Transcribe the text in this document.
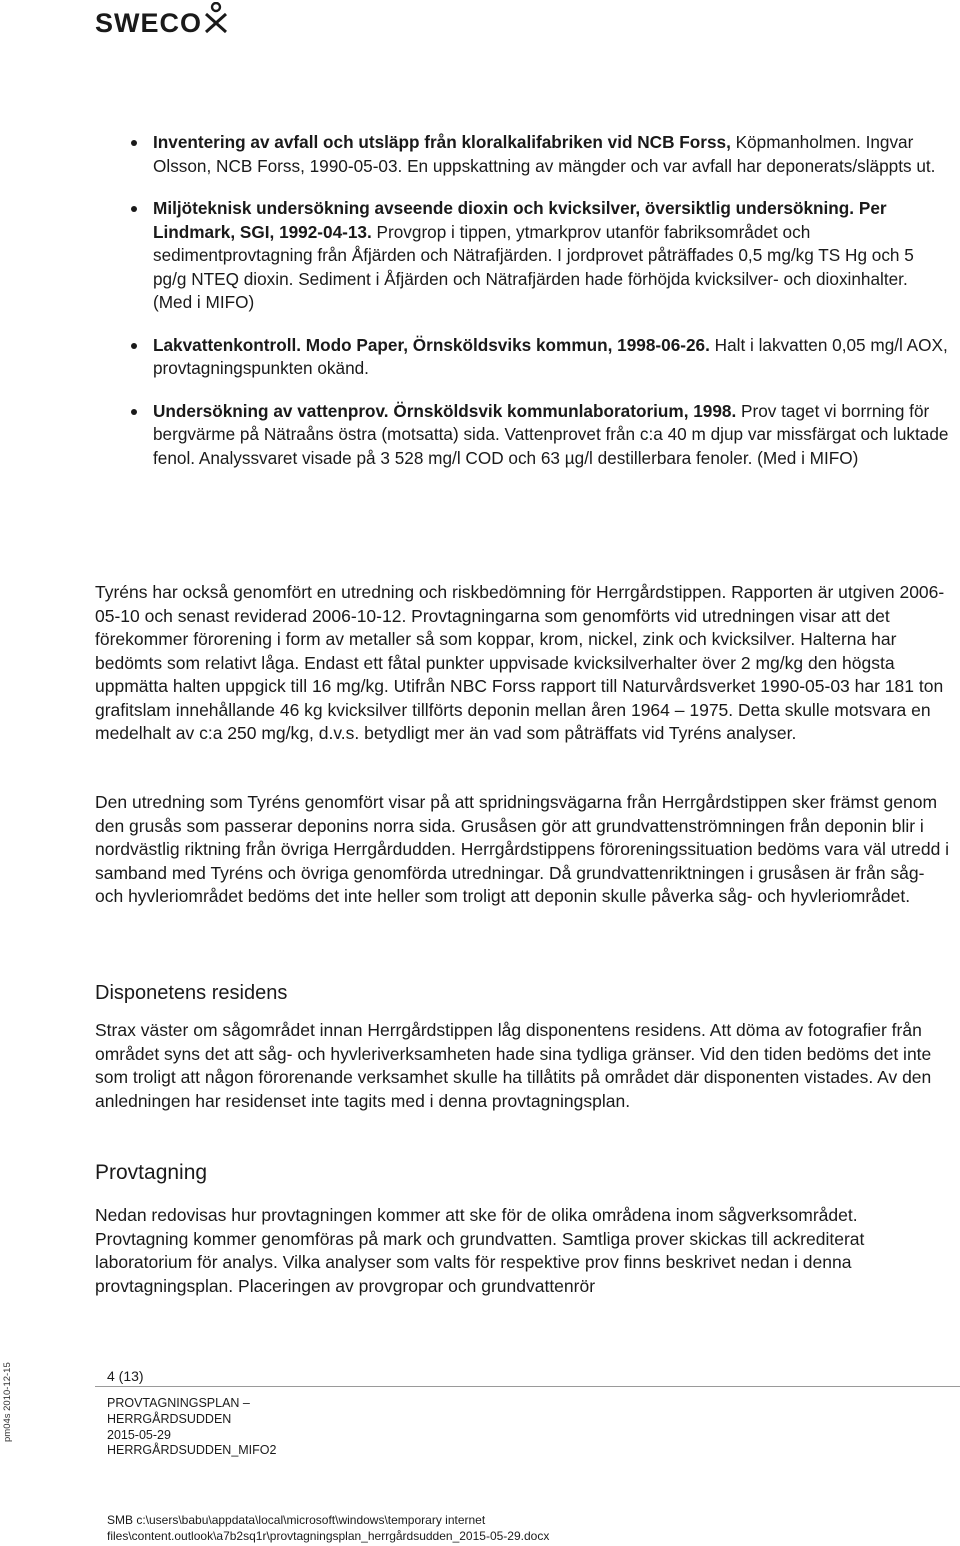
SWECO
Inventering av avfall och utsläpp från kloralkalifabriken vid NCB Forss, Köpmanholmen. Ingvar Olsson, NCB Forss, 1990-05-03. En uppskattning av mängder och var avfall har deponerats/släppts ut.
Miljöteknisk undersökning avseende dioxin och kvicksilver, översiktlig undersökning. Per Lindmark, SGI, 1992-04-13. Provgrop i tippen, ytmarkprov utanför fabriksområdet och sedimentprovtagning från Åfjärden och Nätrafjärden. I jordprovet påträffades 0,5 mg/kg TS Hg och 5 pg/g NTEQ dioxin. Sediment i Åfjärden och Nätrafjärden hade förhöjda kvicksilver- och dioxinhalter. (Med i MIFO)
Lakvattenkontroll. Modo Paper, Örnsköldsviks kommun, 1998-06-26. Halt i lakvatten 0,05 mg/l AOX, provtagningspunkten okänd.
Undersökning av vattenprov. Örnsköldsvik kommunlaboratorium, 1998. Prov taget vi borrning för bergvärme på Nätraåns östra (motsatta) sida. Vattenprovet från c:a 40 m djup var missfärgat och luktade fenol. Analyssvaret visade på 3 528 mg/l COD och 63 µg/l destillerbara fenoler. (Med i MIFO)

Tyréns har också genomfört en utredning och riskbedömning för Herrgårdstippen. Rapporten är utgiven 2006-05-10 och senast reviderad 2006-10-12. Provtagningarna som genomförts vid utredningen visar att det förekommer förorening i form av metaller så som koppar, krom, nickel, zink och kvicksilver. Halterna har bedömts som relativt låga. Endast ett fåtal punkter uppvisade kvicksilverhalter över 2 mg/kg den högsta uppmätta halten uppgick till 16 mg/kg. Utifrån NBC Forss rapport till Naturvårdsverket 1990-05-03 har 181 ton grafitslam innehållande 46 kg kvicksilver tillförts deponin mellan åren 1964 – 1975. Detta skulle motsvara en medelhalt av c:a 250 mg/kg, d.v.s. betydligt mer än vad som påträffats vid Tyréns analyser.

Den utredning som Tyréns genomfört visar på att spridningsvägarna från Herrgårdstippen sker främst genom den grusås som passerar deponins norra sida. Grusåsen gör att grundvattenströmningen från deponin blir i nordvästlig riktning från övriga Herrgårdudden. Herrgårdstippens föroreningssituation bedöms vara väl utredd i samband med Tyréns och övriga genomförda utredningar. Då grundvattenriktningen i grusåsen är från såg- och hyvleriområdet bedöms det inte heller som troligt att deponin skulle påverka såg- och hyvleriområdet.

Disponetens residens

Strax väster om sågområdet innan Herrgårdstippen låg disponentens residens. Att döma av fotografier från området syns det att såg- och hyvleriverksamheten hade sina tydliga gränser. Vid den tiden bedöms det inte som troligt att någon förorenande verksamhet skulle ha tillåtits på området där disponenten vistades. Av den anledningen har residenset inte tagits med i denna provtagningsplan.

Provtagning

Nedan redovisas hur provtagningen kommer att ske för de olika områdena inom sågverksområdet. Provtagning kommer genomföras på mark och grundvatten. Samtliga prover skickas till ackrediterat laboratorium för analys. Vilka analyser som valts för respektive prov finns beskrivet nedan i denna provtagningsplan. Placeringen av provgropar och grundvattenrör

pm04s 2010-12-15	4 (13)
PROVTAGNINGSPLAN –
HERRGÅRDSUDDEN
2015-05-29
HERRGÅRDSUDDEN_MIFO2
SMB c:\users\babu\appdata\local\microsoft\windows\temporary internet
files\content.outlook\a7b2sq1r\provtagningsplan_herrgårdsudden_2015-05-29.docx
